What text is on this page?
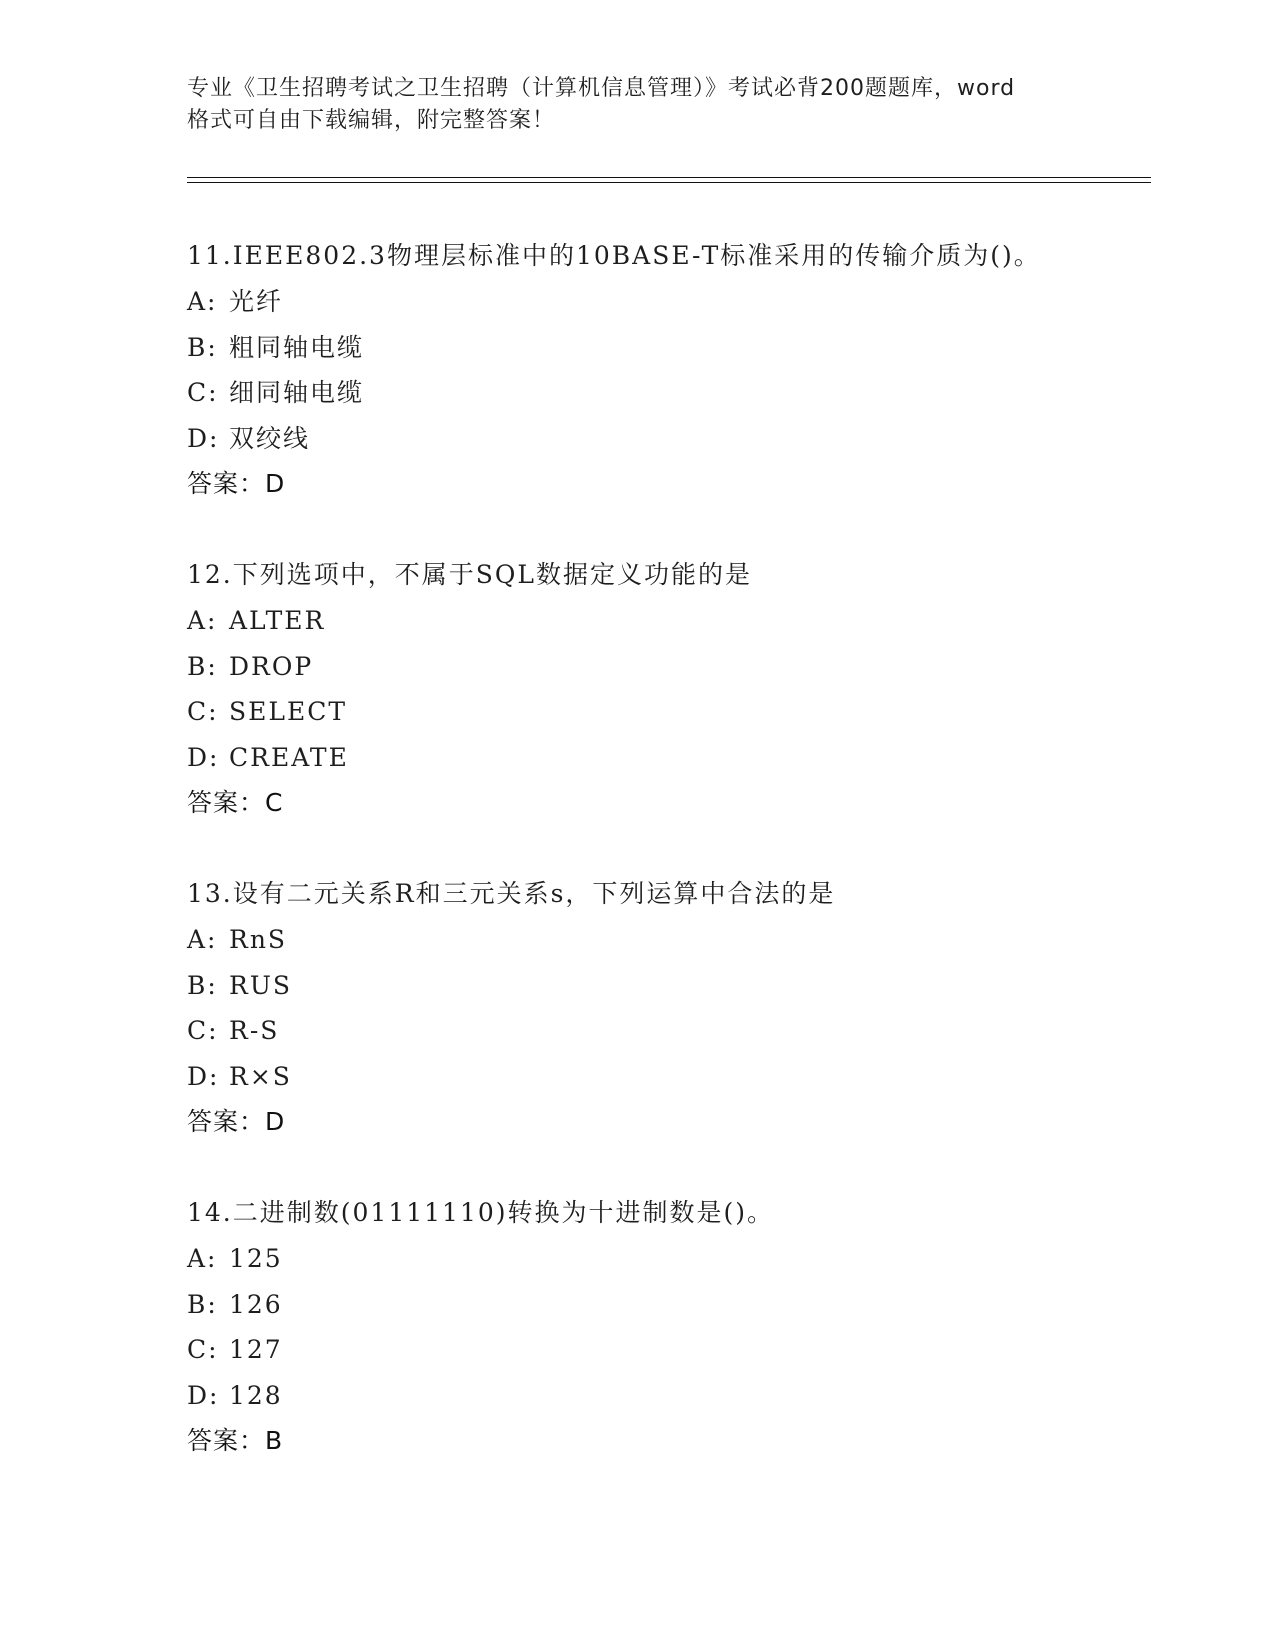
专业《卫生招聘考试之卫生招聘（计算机信息管理）》考试必背200题题库，word
格式可自由下载编辑，附完整答案！
11.IEEE802.3物理层标准中的10BASE-T标准采用的传输介质为()。
A: 光纤
B: 粗同轴电缆
C: 细同轴电缆
D: 双绞线
答案：D
12.下列选项中，不属于SQL数据定义功能的是
A: ALTER
B: DROP
C: SELECT
D: CREATE
答案：C
13.设有二元关系R和三元关系s，下列运算中合法的是
A: RnS
B: RUS
C: R-S
D: R×S
答案：D
14.二进制数(01111110)转换为十进制数是()。
A: 125
B: 126
C: 127
D: 128
答案：B
